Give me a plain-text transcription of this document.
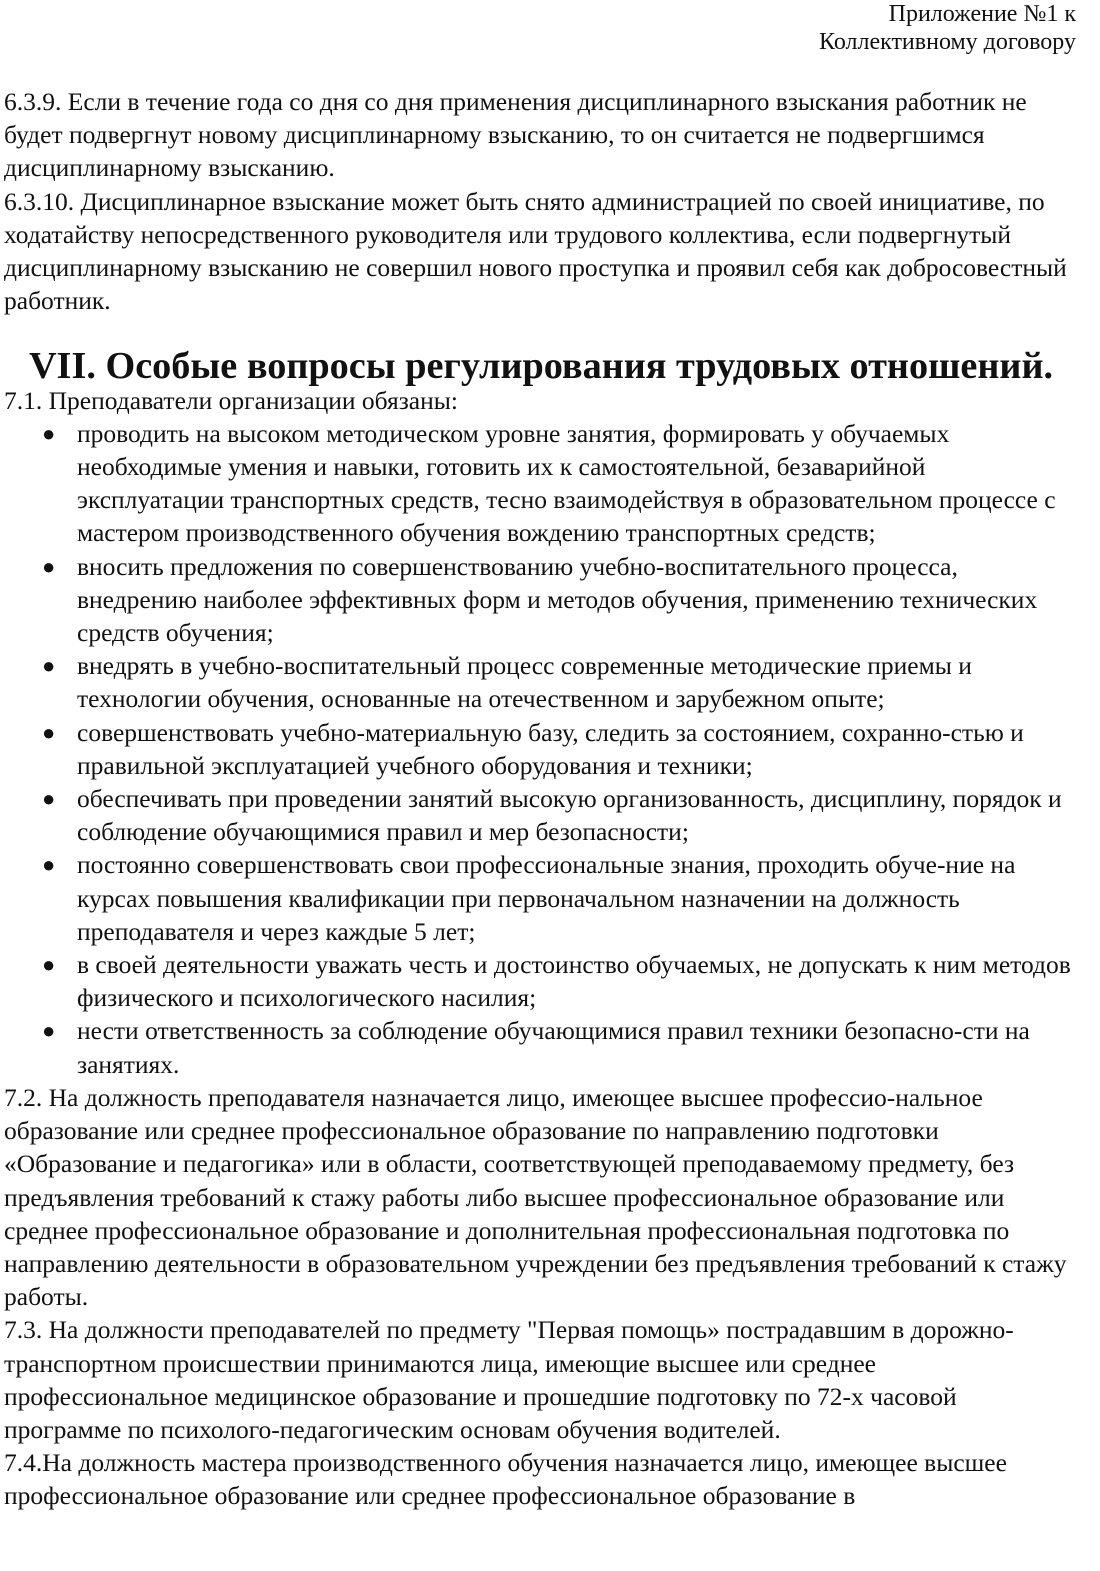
Приложение №1 к
Коллективному договору

6.3.9. Если в течение года со дня со дня применения дисциплинарного взыскания работник не будет подвергнут новому дисциплинарному взысканию, то он считается не подвергшимся дисциплинарному взысканию.

6.3.10. Дисциплинарное взыскание может быть снято администрацией по своей инициативе, по ходатайству непосредственного руководителя или трудового коллектива, если подвергнутый дисциплинарному взысканию не совершил нового проступка и проявил себя как добросовестный работник.

VII. Особые вопросы регулирования трудовых отношений.

7.1. Преподаватели организации обязаны:

● проводить на высоком методическом уровне занятия, формировать у обучаемых необходимые умения и навыки, готовить их к самостоятельной, безаварийной эксплуатации транспортных средств, тесно взаимодействуя в образовательном процессе с мастером производственного обучения вождению транспортных средств;
● вносить предложения по совершенствованию учебно-воспитательного процесса, внедрению наиболее эффективных форм и методов обучения, применению технических средств обучения;
● внедрять в учебно-воспитательный процесс современные методические приемы и технологии обучения, основанные на отечественном и зарубежном опыте;
● совершенствовать учебно-материальную базу, следить за состоянием, сохранно-стью и правильной эксплуатацией учебного оборудования и техники;
● обеспечивать при проведении занятий высокую организованность, дисциплину, порядок и соблюдение обучающимися правил и мер безопасности;
● постоянно совершенствовать свои профессиональные знания, проходить обуче-ние на курсах повышения квалификации при первоначальном назначении на должность преподавателя и через каждые 5 лет;
● в своей деятельности уважать честь и достоинство обучаемых, не допускать к ним методов физического и психологического насилия;
● нести ответственность за соблюдение обучающимися правил техники безопасно-сти на занятиях.

7.2. На должность преподавателя назначается лицо, имеющее высшее профессио-нальное образование или среднее профессиональное образование по направлению подготовки «Образование и педагогика» или в области, соответствующей преподаваемому предмету, без предъявления требований к стажу работы либо высшее профессиональное образование или среднее профессиональное образование и дополнительная профессиональная подготовка по направлению деятельности в образовательном учреждении без предъявления требований к стажу работы.

7.3. На должности преподавателей по предмету "Первая помощь» пострадавшим в дорожно-транспортном происшествии принимаются лица, имеющие высшее или среднее профессиональное медицинское образование и прошедшие подготовку по 72-х часовой программе по психолого-педагогическим основам обучения водителей.

7.4.На должность мастера производственного обучения назначается лицо, имеющее высшее профессиональное образование или среднее профессиональное образование в
